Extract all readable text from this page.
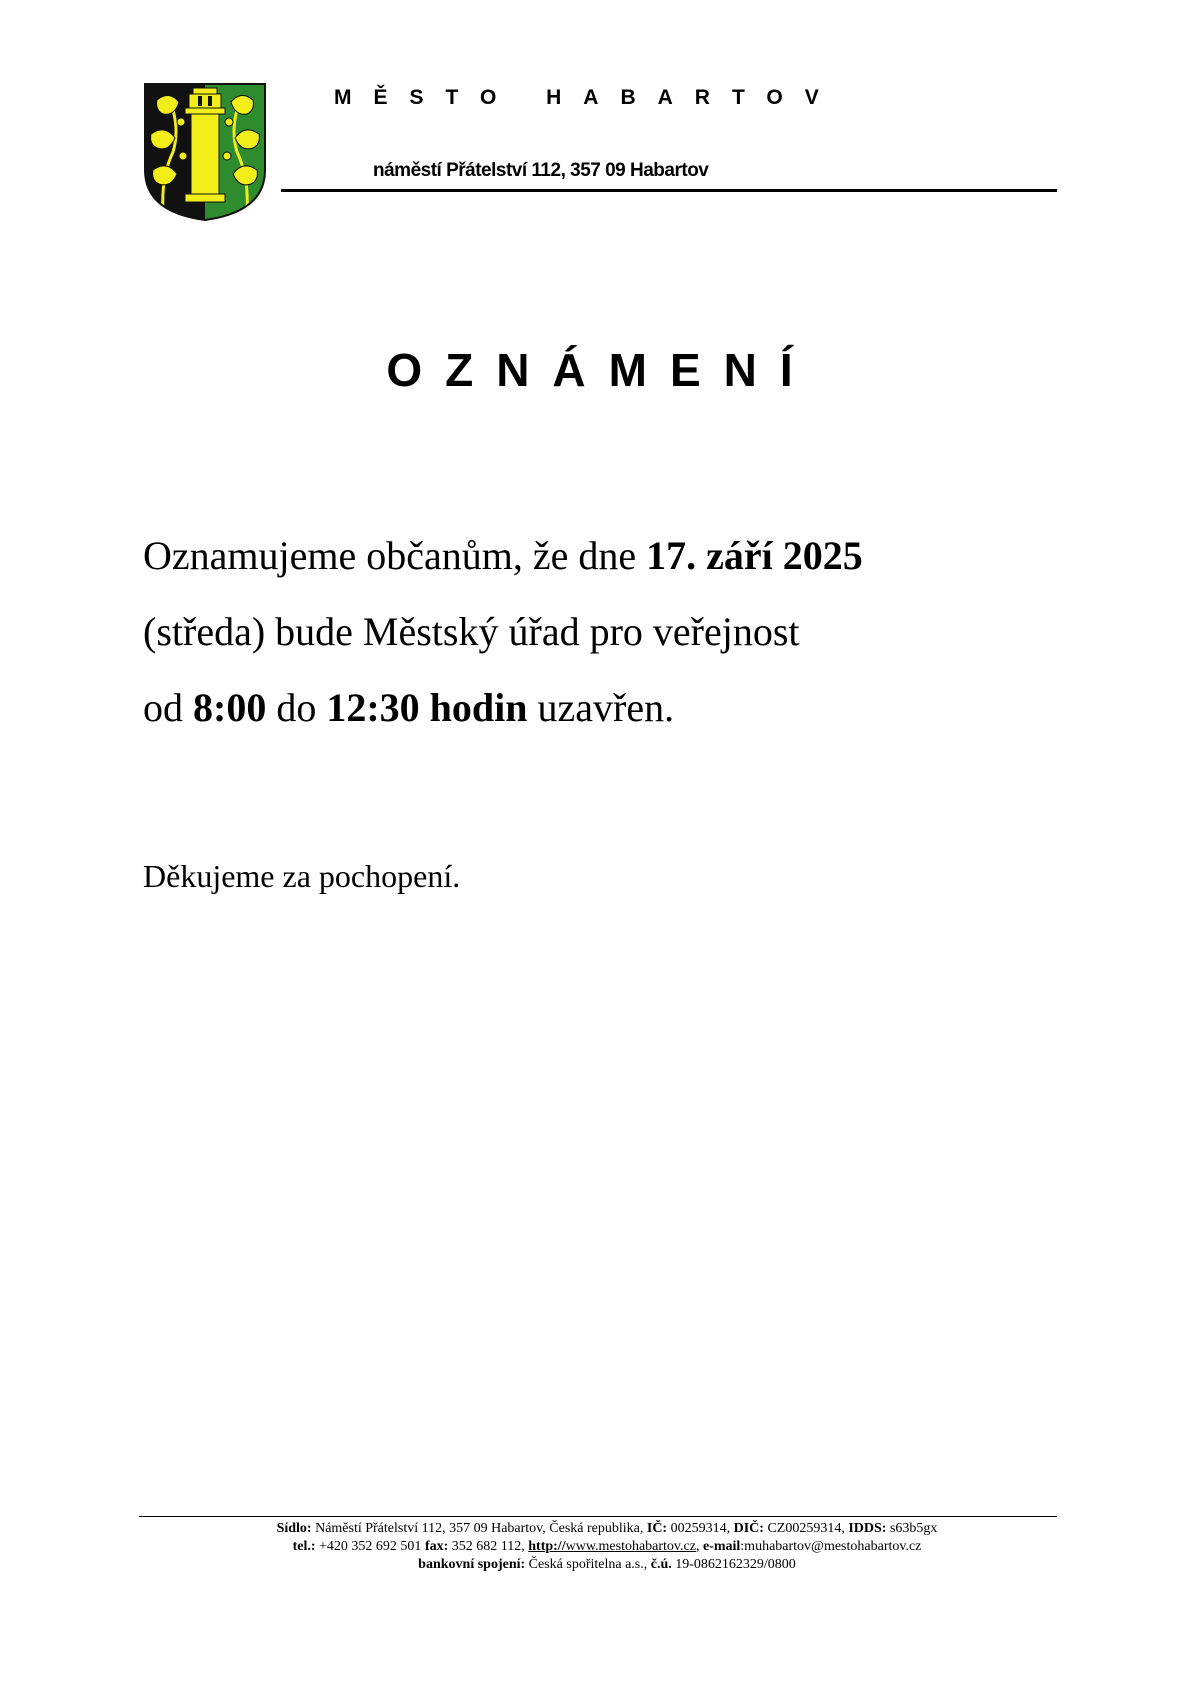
MĚSTO HABARTOV
náměstí Přátelství 112, 357 09 Habartov
OZNÁMENÍ
Oznamujeme občanům, že dne 17. září 2025
(středa) bude Městský úřad pro veřejnost
od 8:00 do 12:30 hodin uzavřen.
Děkujeme za pochopení.
Sídlo: Náměstí Přátelství 112, 357 09 Habartov, Česká republika, IČ: 00259314, DIČ: CZ00259314, IDDS: s63b5gx
tel.: +420 352 692 501 fax: 352 682 112, http://www.mestohabartov.cz, e-mail:muhabartov@mestohabartov.cz
bankovní spojení: Česká spořitelna a.s., č.ú. 19-0862162329/0800
